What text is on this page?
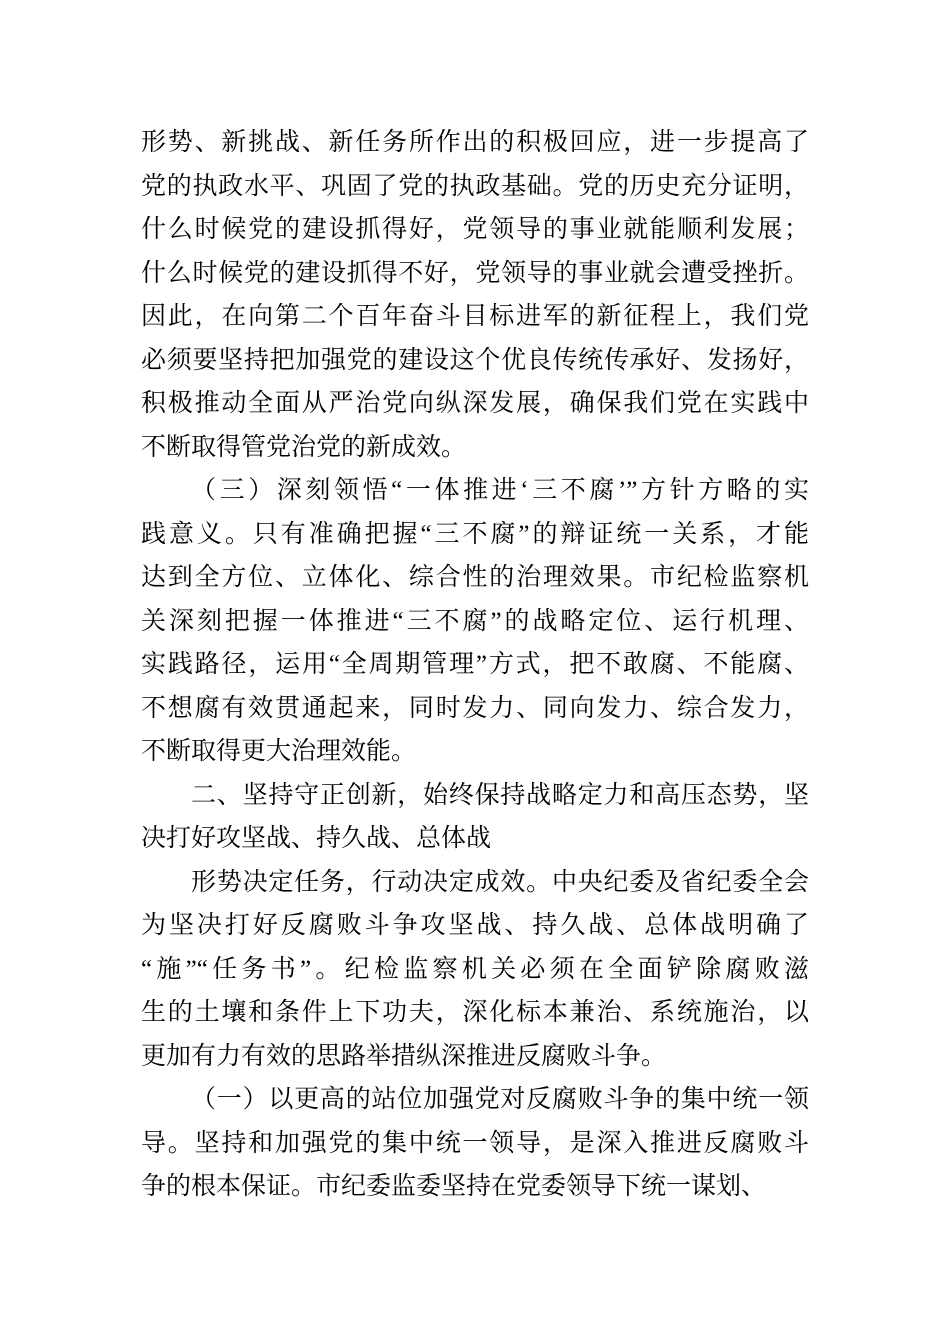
形势、新挑战、新任务所作出的积极回应，进一步提高了
党的执政水平、巩固了党的执政基础。党的历史充分证明，
什么时候党的建设抓得好，党领导的事业就能顺利发展；
什么时候党的建设抓得不好，党领导的事业就会遭受挫折。
因此，在向第二个百年奋斗目标进军的新征程上，我们党
必须要坚持把加强党的建设这个优良传统传承好、发扬好，
积极推动全面从严治党向纵深发展，确保我们党在实践中
不断取得管党治党的新成效。
（三）深刻领悟“一体推进‘三不腐’”方针方略的实
践意义。只有准确把握“三不腐”的辩证统一关系，才能
达到全方位、立体化、综合性的治理效果。市纪检监察机
关深刻把握一体推进“三不腐”的战略定位、运行机理、
实践路径，运用“全周期管理”方式，把不敢腐、不能腐、
不想腐有效贯通起来，同时发力、同向发力、综合发力，
不断取得更大治理效能。
二、坚持守正创新，始终保持战略定力和高压态势，坚
决打好攻坚战、持久战、总体战
形势决定任务，行动决定成效。中央纪委及省纪委全会
为坚决打好反腐败斗争攻坚战、持久战、总体战明确了
“施”“任务书”。纪检监察机关必须在全面铲除腐败滋
生的土壤和条件上下功夫，深化标本兼治、系统施治，以
更加有力有效的思路举措纵深推进反腐败斗争。
（一）以更高的站位加强党对反腐败斗争的集中统一领
导。坚持和加强党的集中统一领导，是深入推进反腐败斗
争的根本保证。市纪委监委坚持在党委领导下统一谋划、
